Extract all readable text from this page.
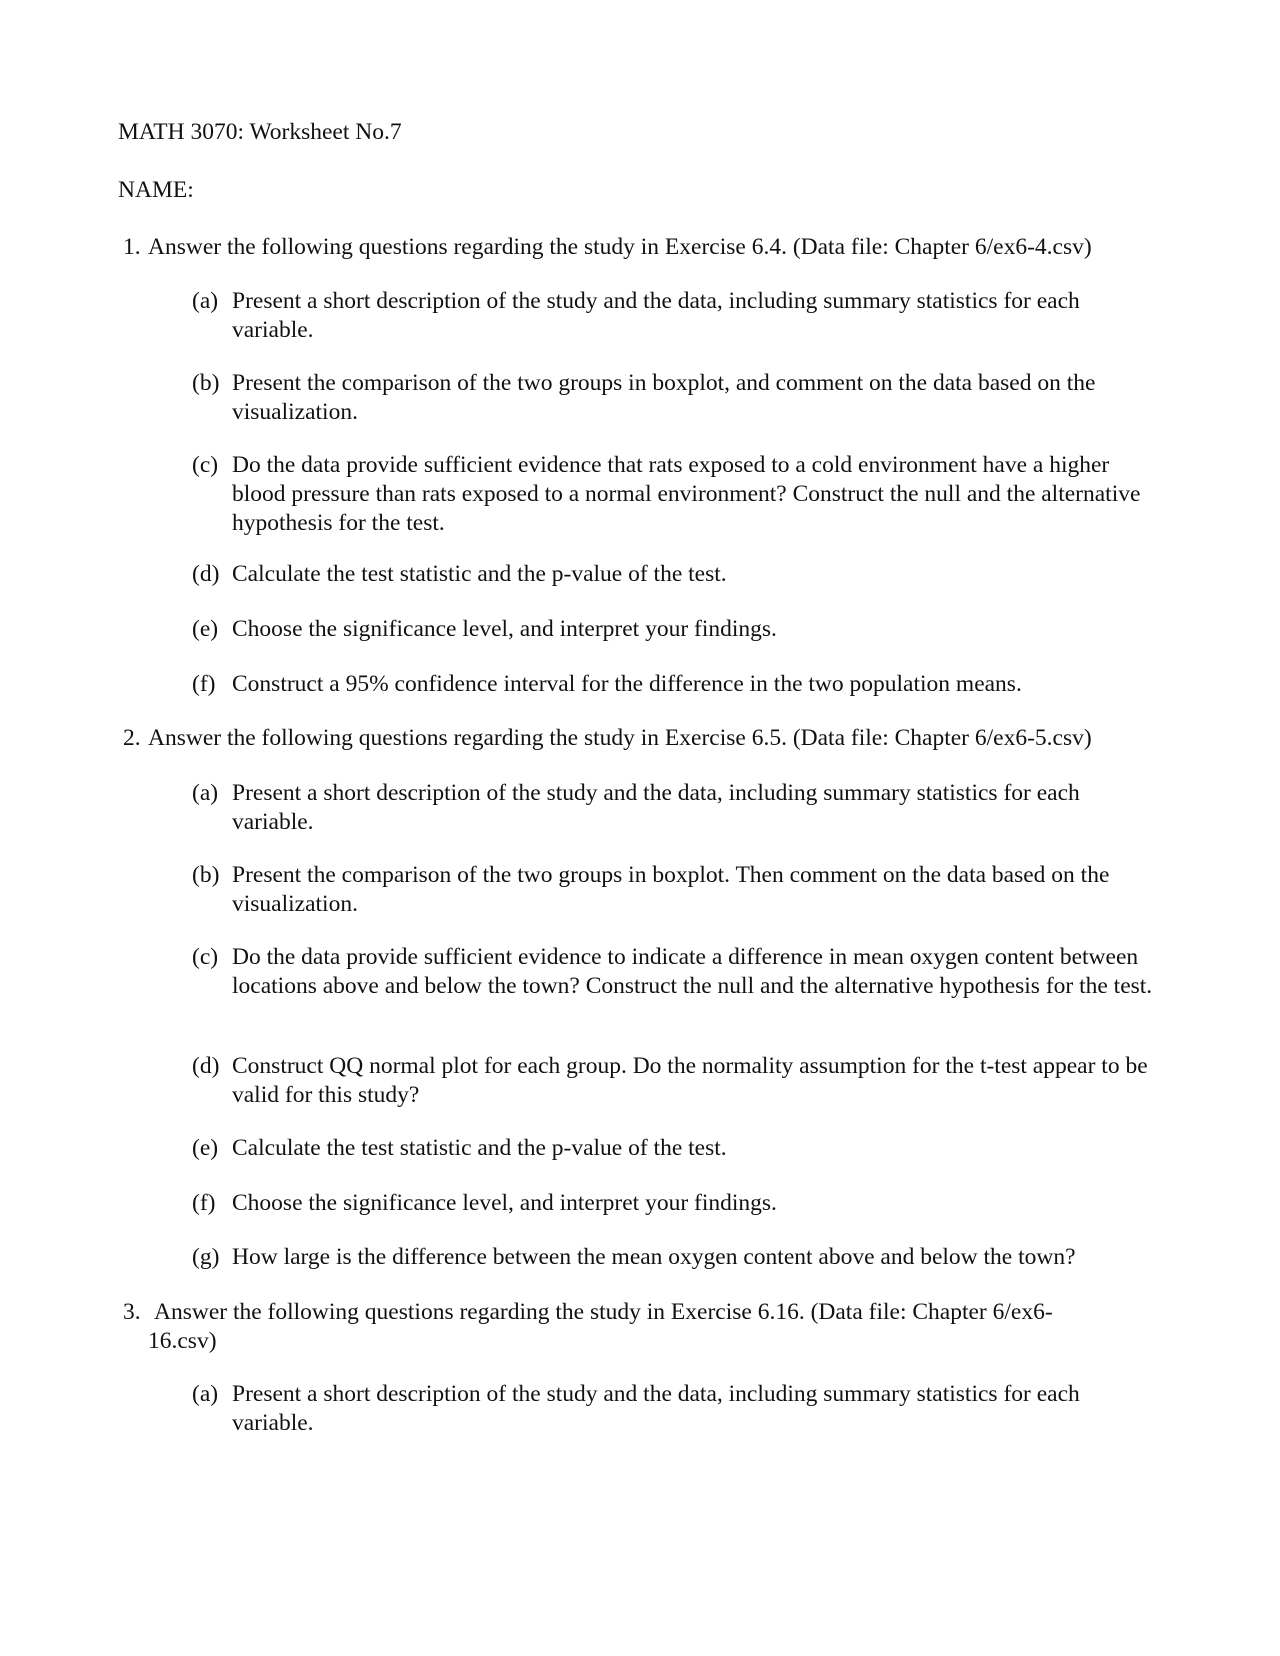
MATH 3070: Worksheet No.7
NAME:
1. Answer the following questions regarding the study in Exercise 6.4. (Data file: Chapter 6/ex6-4.csv)
(a) Present a short description of the study and the data, including summary statistics for each variable.
(b) Present the comparison of the two groups in boxplot, and comment on the data based on the visualization.
(c) Do the data provide sufficient evidence that rats exposed to a cold environment have a higher blood pressure than rats exposed to a normal environment? Construct the null and the alternative hypothesis for the test.
(d) Calculate the test statistic and the p-value of the test.
(e) Choose the significance level, and interpret your findings.
(f) Construct a 95% confidence interval for the difference in the two population means.
2. Answer the following questions regarding the study in Exercise 6.5. (Data file: Chapter 6/ex6-5.csv)
(a) Present a short description of the study and the data, including summary statistics for each variable.
(b) Present the comparison of the two groups in boxplot. Then comment on the data based on the visualization.
(c) Do the data provide sufficient evidence to indicate a difference in mean oxygen content between locations above and below the town? Construct the null and the alternative hypothesis for the test.
(d) Construct QQ normal plot for each group. Do the normality assumption for the t-test appear to be valid for this study?
(e) Calculate the test statistic and the p-value of the test.
(f) Choose the significance level, and interpret your findings.
(g) How large is the difference between the mean oxygen content above and below the town?
3. Answer the following questions regarding the study in Exercise 6.16. (Data file: Chapter 6/ex6-
16.csv)
(a) Present a short description of the study and the data, including summary statistics for each variable.
